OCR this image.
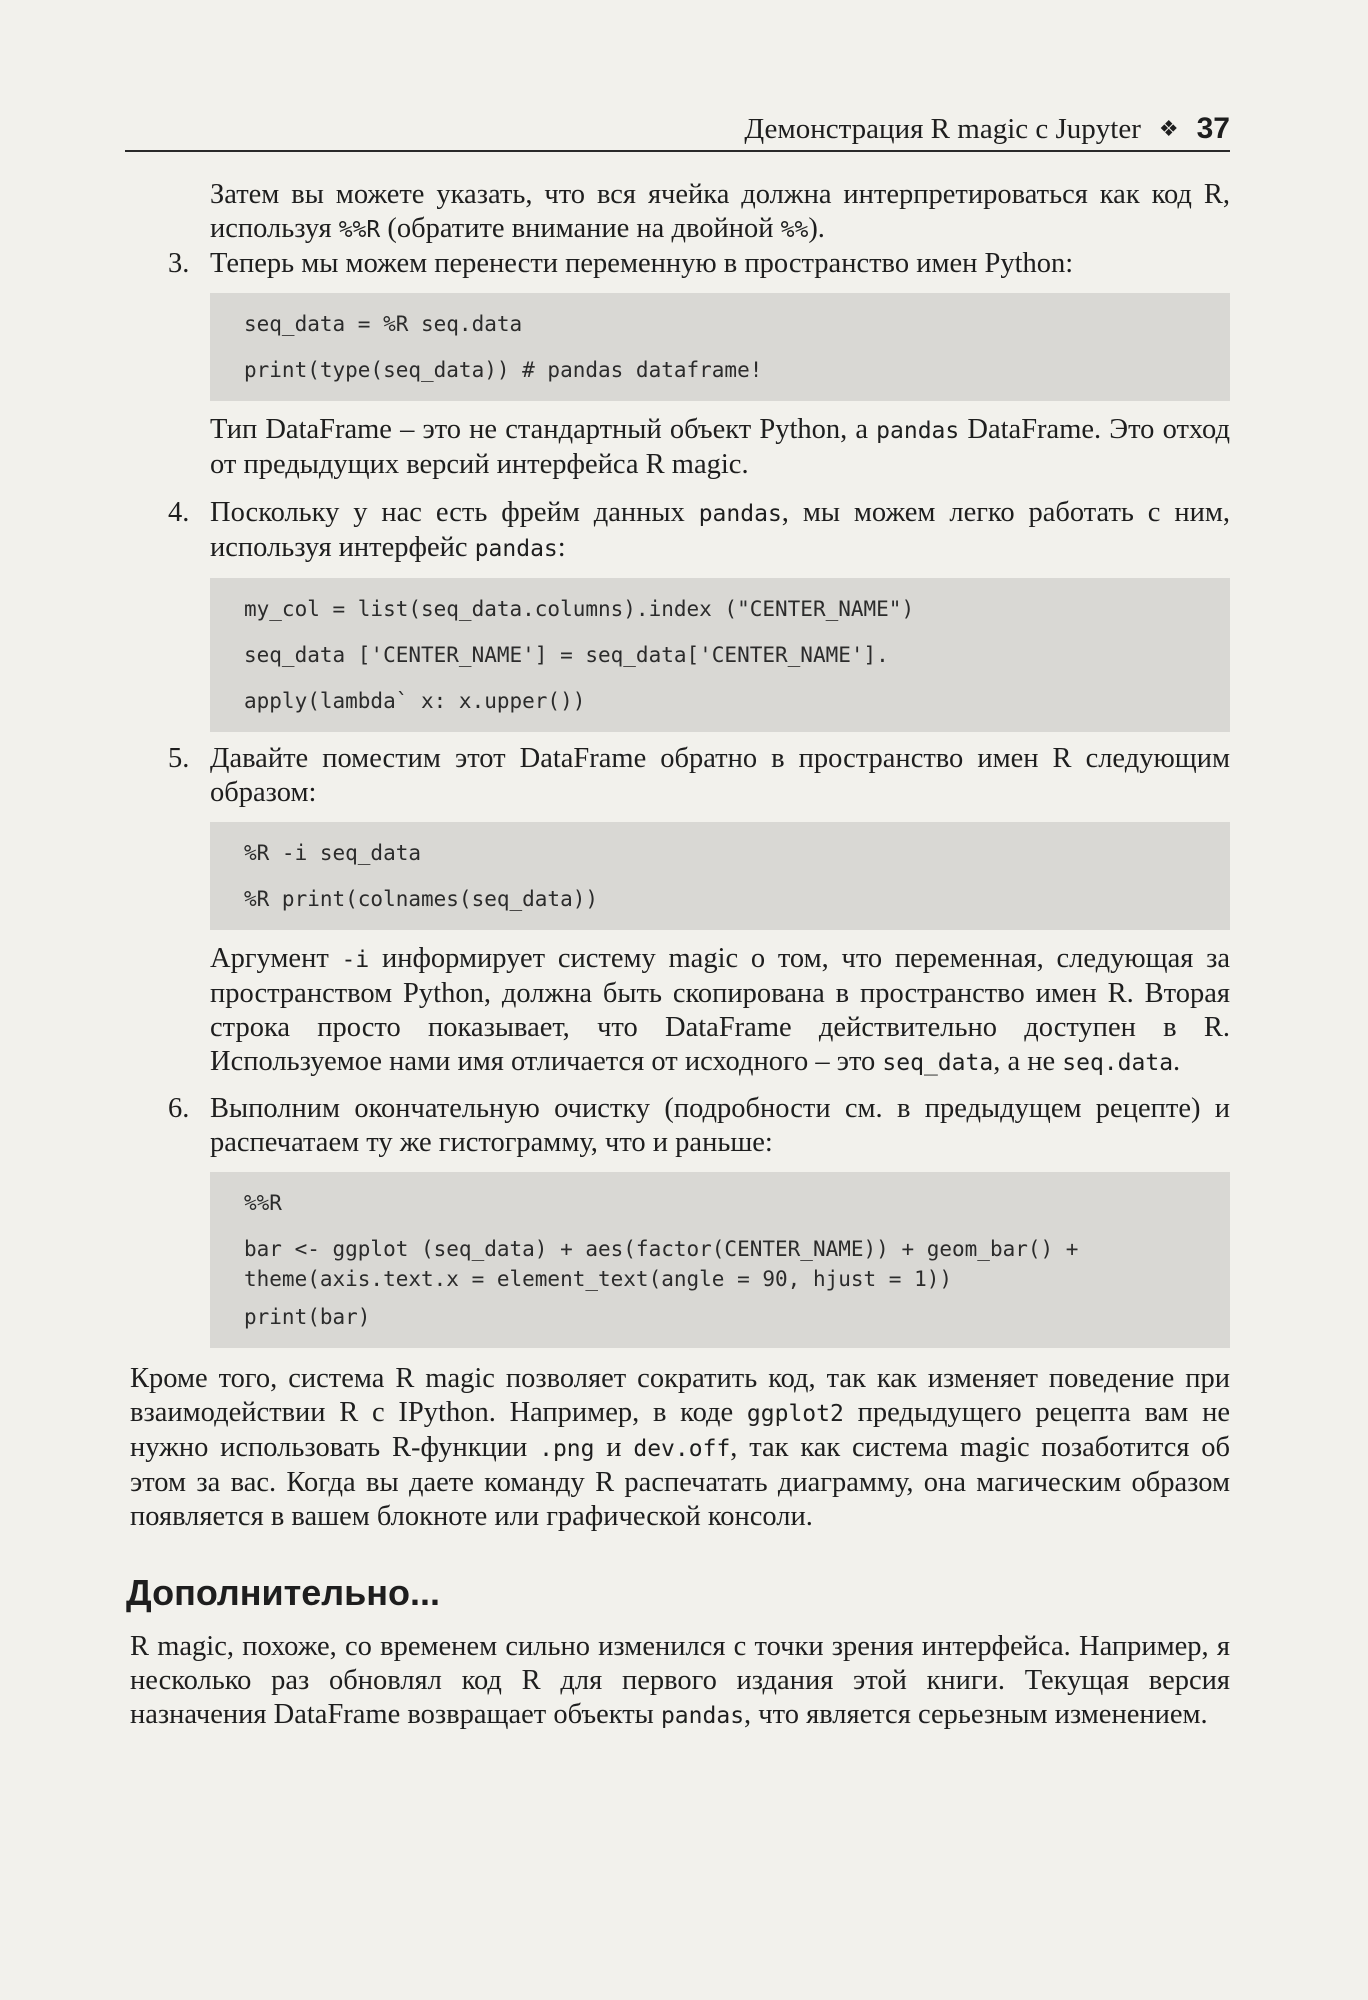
Демонстрация R magic с Jupyter ❖ 37

Затем вы можете указать, что вся ячейка должна интерпретироваться как код R, используя %%R (обратите внимание на двойной %%).

3. Теперь мы можем перенести переменную в пространство имен Python:

seq_data = %R seq.data
print(type(seq_data)) # pandas dataframe!

Тип DataFrame – это не стандартный объект Python, а pandas DataFrame. Это отход от предыдущих версий интерфейса R magic.

4. Поскольку у нас есть фрейм данных pandas, мы можем легко работать с ним, используя интерфейс pandas:

my_col = list(seq_data.columns).index ("CENTER_NAME")
seq_data ['CENTER_NAME'] = seq_data['CENTER_NAME'].
apply(lambda` x: x.upper())
5. Давайте поместим этот DataFrame обратно в пространство имен R следующим образом:

%R -i seq_data
%R print(colnames(seq_data))

Аргумент -i информирует систему magic о том, что переменная, следующая за пространством Python, должна быть скопирована в пространство имен R. Вторая строка просто показывает, что DataFrame действительно доступен в R. Используемое нами имя отличается от исходного – это seq_data, а не seq.data.

6. Выполним окончательную очистку (подробности см. в предыдущем рецепте) и распечатаем ту же гистограмму, что и раньше:

%%R
bar <- ggplot (seq_data) + aes(factor(CENTER_NAME)) + geom_bar() +
theme(axis.text.x = element_text(angle = 90, hjust = 1))
print(bar)

Кроме того, система R magic позволяет сократить код, так как изменяет поведение при взаимодействии R с IPython. Например, в коде ggplot2 предыдущего рецепта вам не нужно использовать R-функции .png и dev.off, так как система magic позаботится об этом за вас. Когда вы даете команду R распечатать диаграмму, она магическим образом появляется в вашем блокноте или графической консоли.

Дополнительно...

R magic, похоже, со временем сильно изменился с точки зрения интерфейса. Например, я несколько раз обновлял код R для первого издания этой книги. Текущая версия назначения DataFrame возвращает объекты pandas, что является серьезным изменением.
